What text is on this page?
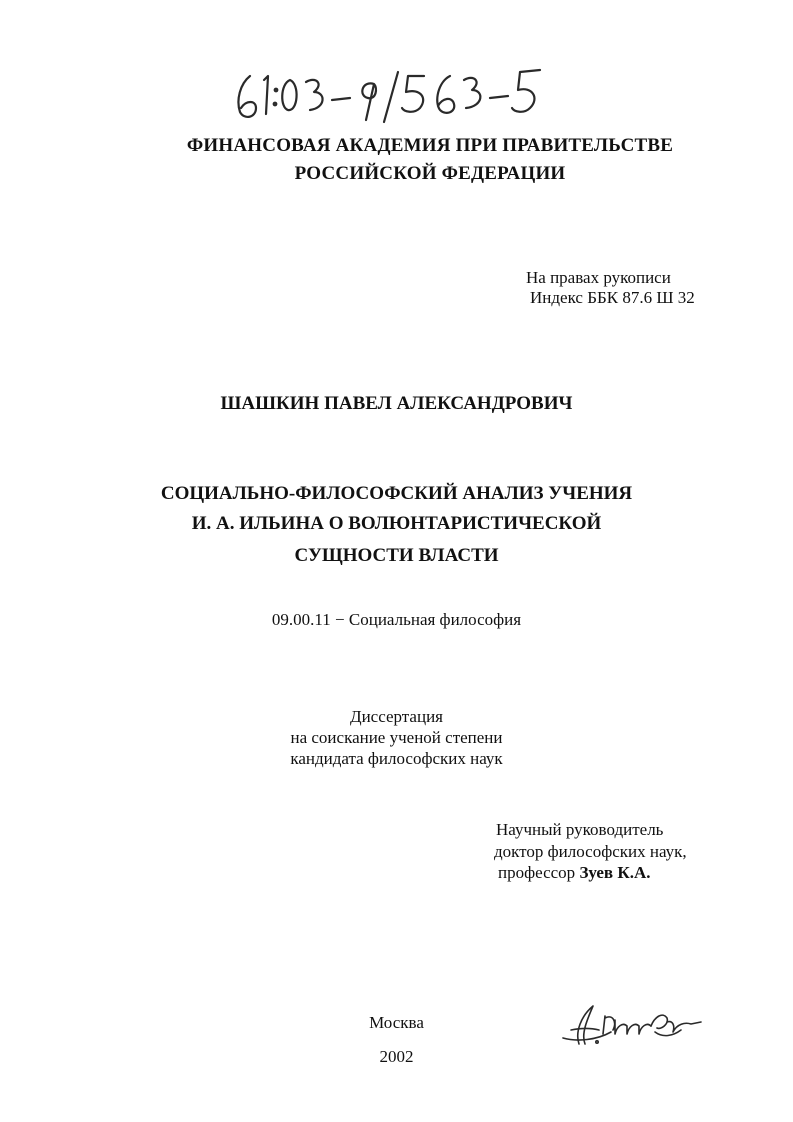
ФИНАНСОВАЯ АКАДЕМИЯ ПРИ ПРАВИТЕЛЬСТВЕ
РОССИЙСКОЙ ФЕДЕРАЦИИ
На правах рукописи
Индекс ББК 87.6 Ш 32
ШАШКИН ПАВЕЛ АЛЕКСАНДРОВИЧ
СОЦИАЛЬНО-ФИЛОСОФСКИЙ АНАЛИЗ УЧЕНИЯ
И. А. ИЛЬИНА О ВОЛЮНТАРИСТИЧЕСКОЙ
СУЩНОСТИ ВЛАСТИ
09.00.11 − Социальная философия
Диссертация
на соискание ученой степени
кандидата философских наук
Научный руководитель
доктор философских наук,
профессор Зуев К.А.
Москва
2002
